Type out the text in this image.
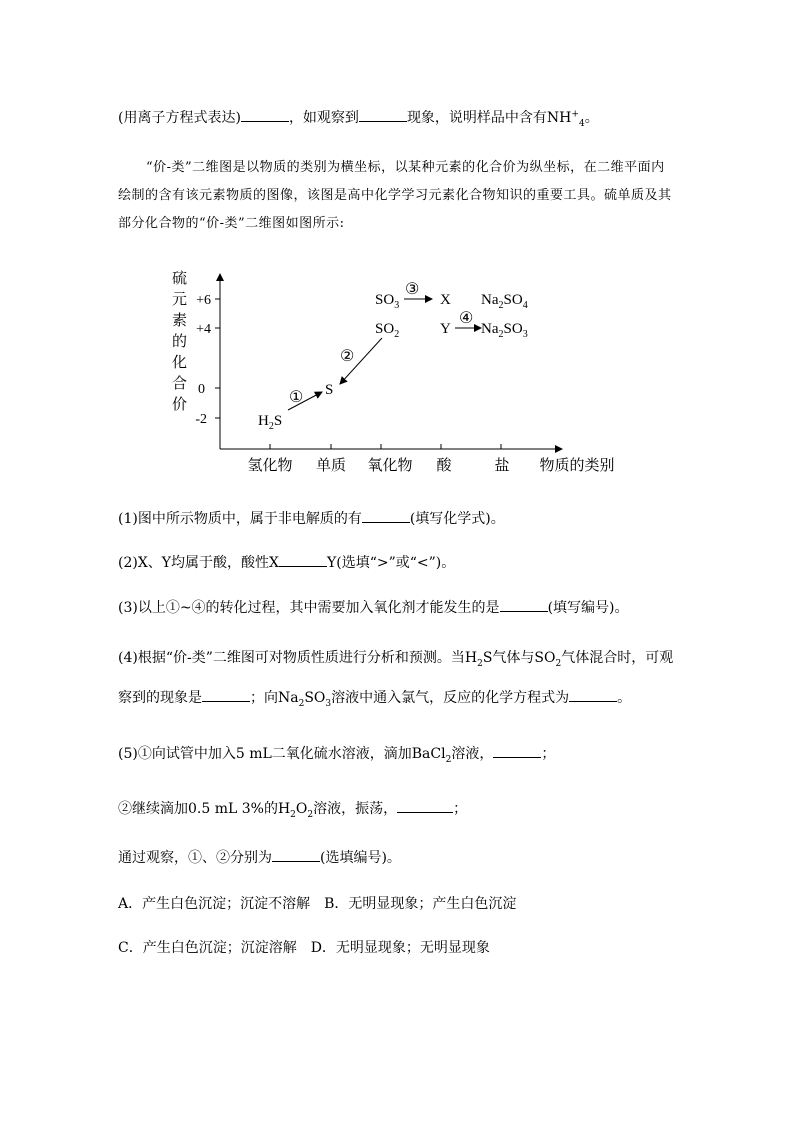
(用离子方程式表达)	，如观察到	现象，说明样品中含有$NH^+_4$。
“价-类”二维图是以物质的类别为横坐标，以某种元素的化合价为纵坐标，在二维平面内绘制的含有该元素物质的图像，该图是高中化学学习元素化合物知识的重要工具。硫单质及其部分化合物的“价-类”二维图如图所示:
硫
元
素
的
化
合
价
+6
+4
0
-2
氢化物 单质 氧化物 酸	盐 物质的类别
$H_2S$
S
$SO_2$
$SO_3$	X
Y
$Na_2SO_4$
$Na_2SO_3$
①
②
③
④
(1)图中所示物质中，属于非电解质的有	(填写化学式)。
(2)X、Y均属于酸，酸性X	Y(选填“>”或“<”)。
(3)以上①~④的转化过程，其中需要加入氧化剂才能发生的是	(填写编号)。
(4)根据“价-类”二维图可对物质性质进行分析和预测。当$H_2S$气体与$SO_2$气体混合时，可观
察到的现象是	；向$Na_2SO_3$溶液中通入氯气，反应的化学方程式为	。
(5)①向试管中加入5 mL二氧化硫水溶液，滴加BaCl$_2$溶液，	；
②继续滴加0.5 mL 3%的$H_2O_2$溶液，振荡，	；
通过观察，①、②分别为	(选填编号)。
A．产生白色沉淀；沉淀不溶解　B．无明显现象；产生白色沉淀
C．产生白色沉淀；沉淀溶解　D．无明显现象；无明显现象
